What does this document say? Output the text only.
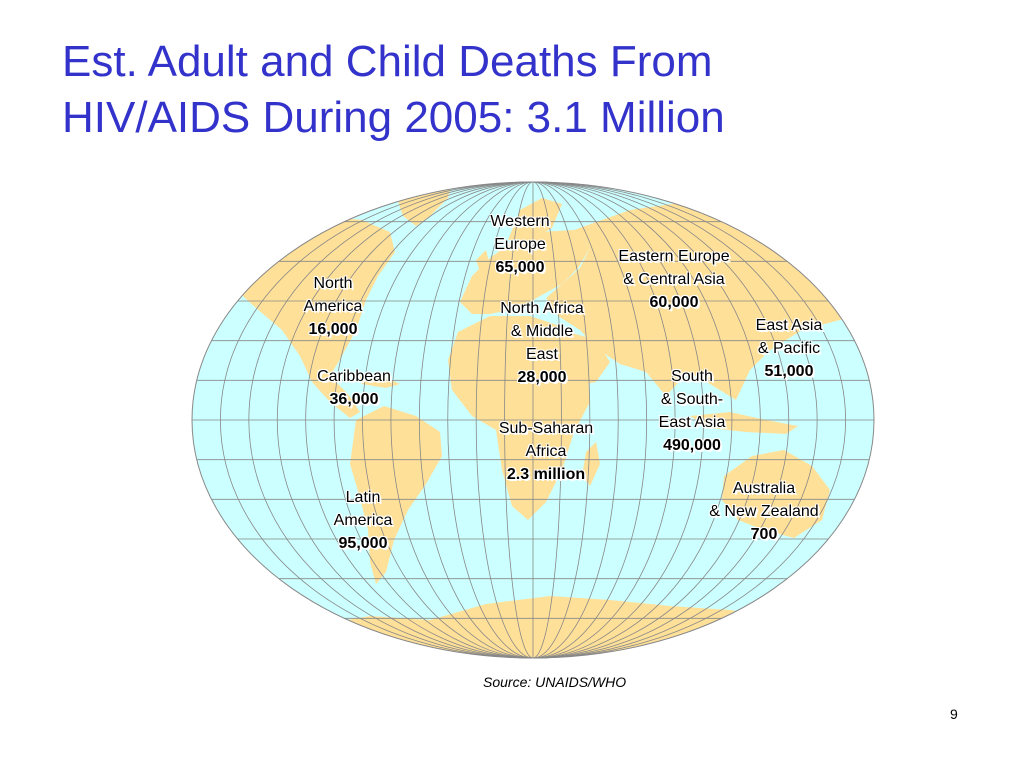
Est. Adult and Child Deaths From
HIV/AIDS During 2005: 3.1 Million
Western
Europe
65,000
Eastern Europe
& Central Asia
60,000
North
America
16,000
North Africa
& Middle
East
28,000
East Asia
& Pacific
51,000
Caribbean
36,000
South
& South-
East Asia
490,000
Sub-Saharan
Africa
2.3 million
Latin
America
95,000
Australia
& New Zealand
700
Source: UNAIDS/WHO
9
